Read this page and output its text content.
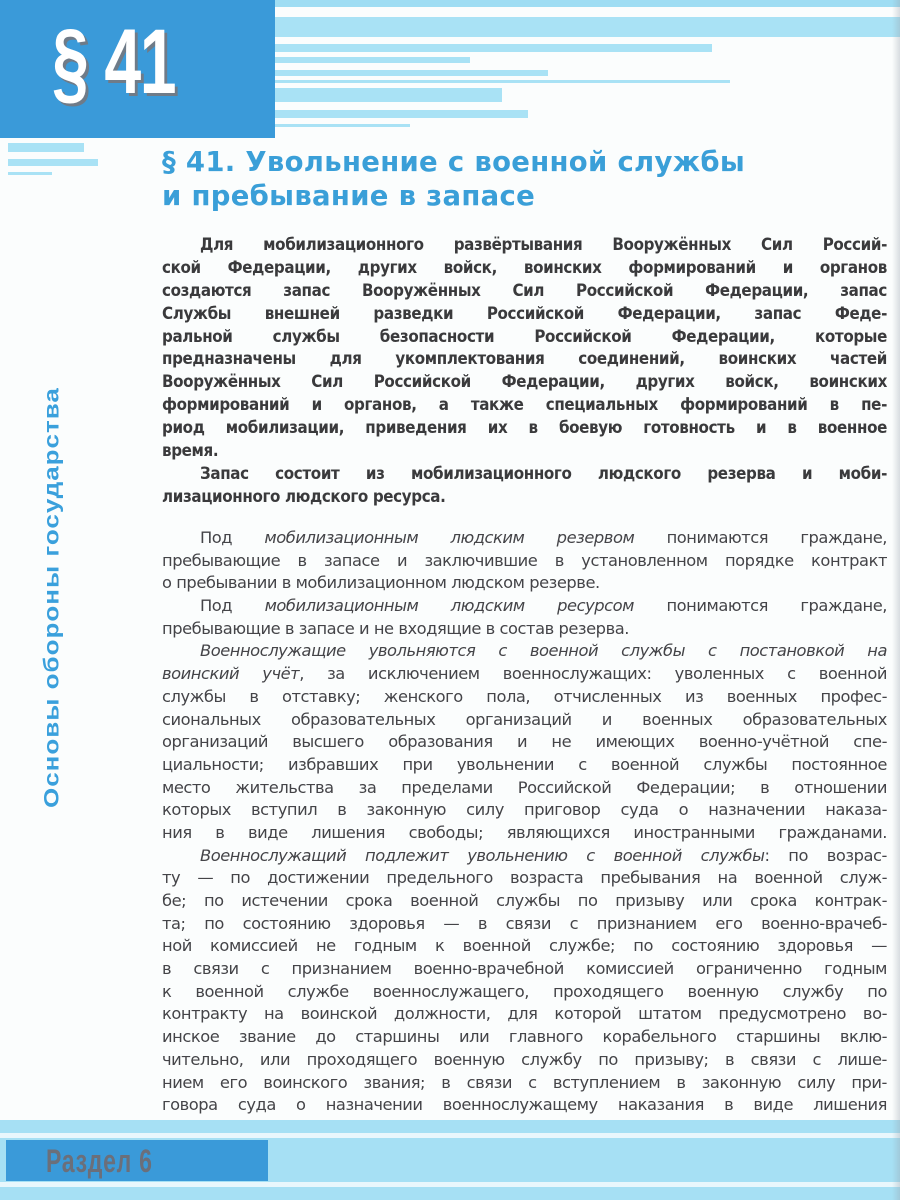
§ 41
§ 41. Увольнение с военной службы
и пребывание в запасе
Для мобилизационного развёртывания Вооружённых Сил Россий-
ской Федерации, других войск, воинских формирований и органов
создаются запас Вооружённых Сил Российской Федерации, запас
Службы внешней разведки Российской Федерации, запас Феде-
ральной службы безопасности Российской Федерации, которые
предназначены для укомплектования соединений, воинских частей
Вооружённых Сил Российской Федерации, других войск, воинских
формирований и органов, а также специальных формирований в пе-
риод мобилизации, приведения их в боевую готовность и в военное
время.
Запас состоит из мобилизационного людского резерва и моби-
лизационного людского ресурса.
Под мобилизационным людским резервом понимаются граждане,
пребывающие в запасе и заключившие в установленном порядке контракт
о пребывании в мобилизационном людском резерве.
Под мобилизационным людским ресурсом понимаются граждане,
пребывающие в запасе и не входящие в состав резерва.
Военнослужащие увольняются с военной службы с постановкой на
воинский учёт, за исключением военнослужащих: уволенных с военной
службы в отставку; женского пола, отчисленных из военных профес-
сиональных образовательных организаций и военных образовательных
организаций высшего образования и не имеющих военно-учётной спе-
циальности; избравших при увольнении с военной службы постоянное
место жительства за пределами Российской Федерации; в отношении
которых вступил в законную силу приговор суда о назначении наказа-
ния в виде лишения свободы; являющихся иностранными гражданами.
Военнослужащий подлежит увольнению с военной службы: по возрас-
ту — по достижении предельного возраста пребывания на военной служ-
бе; по истечении срока военной службы по призыву или срока контрак-
та; по состоянию здоровья — в связи с признанием его военно-врачеб-
ной комиссией не годным к военной службе; по состоянию здоровья —
в связи с признанием военно-врачебной комиссией ограниченно годным
к военной службе военнослужащего, проходящего военную службу по
контракту на воинской должности, для которой штатом предусмотрено во-
инское звание до старшины или главного корабельного старшины вклю-
чительно, или проходящего военную службу по призыву; в связи с лише-
нием его воинского звания; в связи с вступлением в законную силу при-
говора суда о назначении военнослужащему наказания в виде лишения
Основы обороны государства
Раздел 6
